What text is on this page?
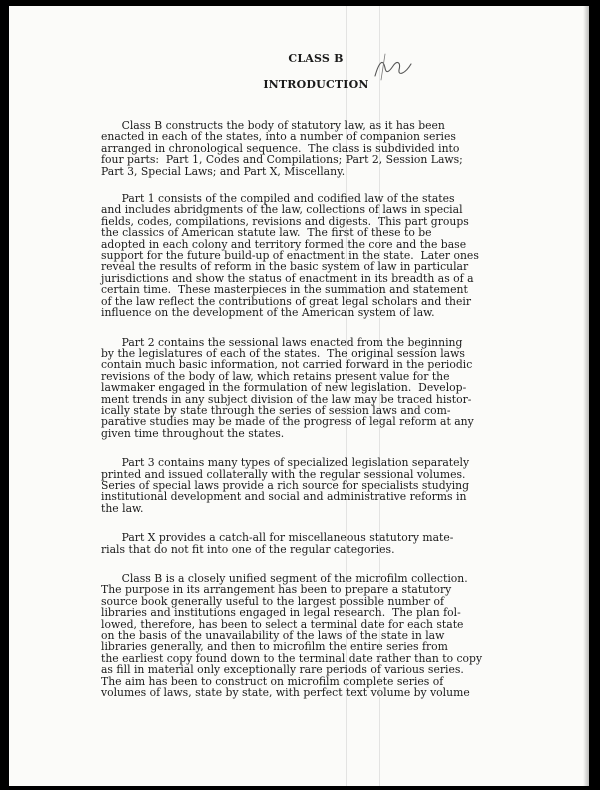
CLASS B
INTRODUCTION

Class B constructs the body of statutory law, as it has been
enacted in each of the states, into a number of companion series
arranged in chronological sequence.  The class is subdivided into
four parts:  Part 1, Codes and Compilations; Part 2, Session Laws;
Part 3, Special Laws; and Part X, Miscellany.

Part 1 consists of the compiled and codified law of the states
and includes abridgments of the law, collections of laws in special
fields, codes, compilations, revisions and digests.  This part groups
the classics of American statute law.  The first of these to be
adopted in each colony and territory formed the core and the base
support for the future build-up of enactment in the state.  Later ones
reveal the results of reform in the basic system of law in particular
jurisdictions and show the status of enactment in its breadth as of a
certain time.  These masterpieces in the summation and statement
of the law reflect the contributions of great legal scholars and their
influence on the development of the American system of law.

Part 2 contains the sessional laws enacted from the beginning
by the legislatures of each of the states.  The original session laws
contain much basic information, not carried forward in the periodic
revisions of the body of law, which retains present value for the
lawmaker engaged in the formulation of new legislation.  Develop-
ment trends in any subject division of the law may be traced histor-
ically state by state through the series of session laws and com-
parative studies may be made of the progress of legal reform at any
given time throughout the states.

Part 3 contains many types of specialized legislation separately
printed and issued collaterally with the regular sessional volumes.
Series of special laws provide a rich source for specialists studying
institutional development and social and administrative reforms in
the law.

Part X provides a catch-all for miscellaneous statutory mate-
rials that do not fit into one of the regular categories.

Class B is a closely unified segment of the microfilm collection.
The purpose in its arrangement has been to prepare a statutory
source book generally useful to the largest possible number of
libraries and institutions engaged in legal research.  The plan fol-
lowed, therefore, has been to select a terminal date for each state
on the basis of the unavailability of the laws of the state in law
libraries generally, and then to microfilm the entire series from
the earliest copy found down to the terminal date rather than to copy
as fill in material only exceptionally rare periods of various series.
The aim has been to construct on microfilm complete series of
volumes of laws, state by state, with perfect text volume by volume
